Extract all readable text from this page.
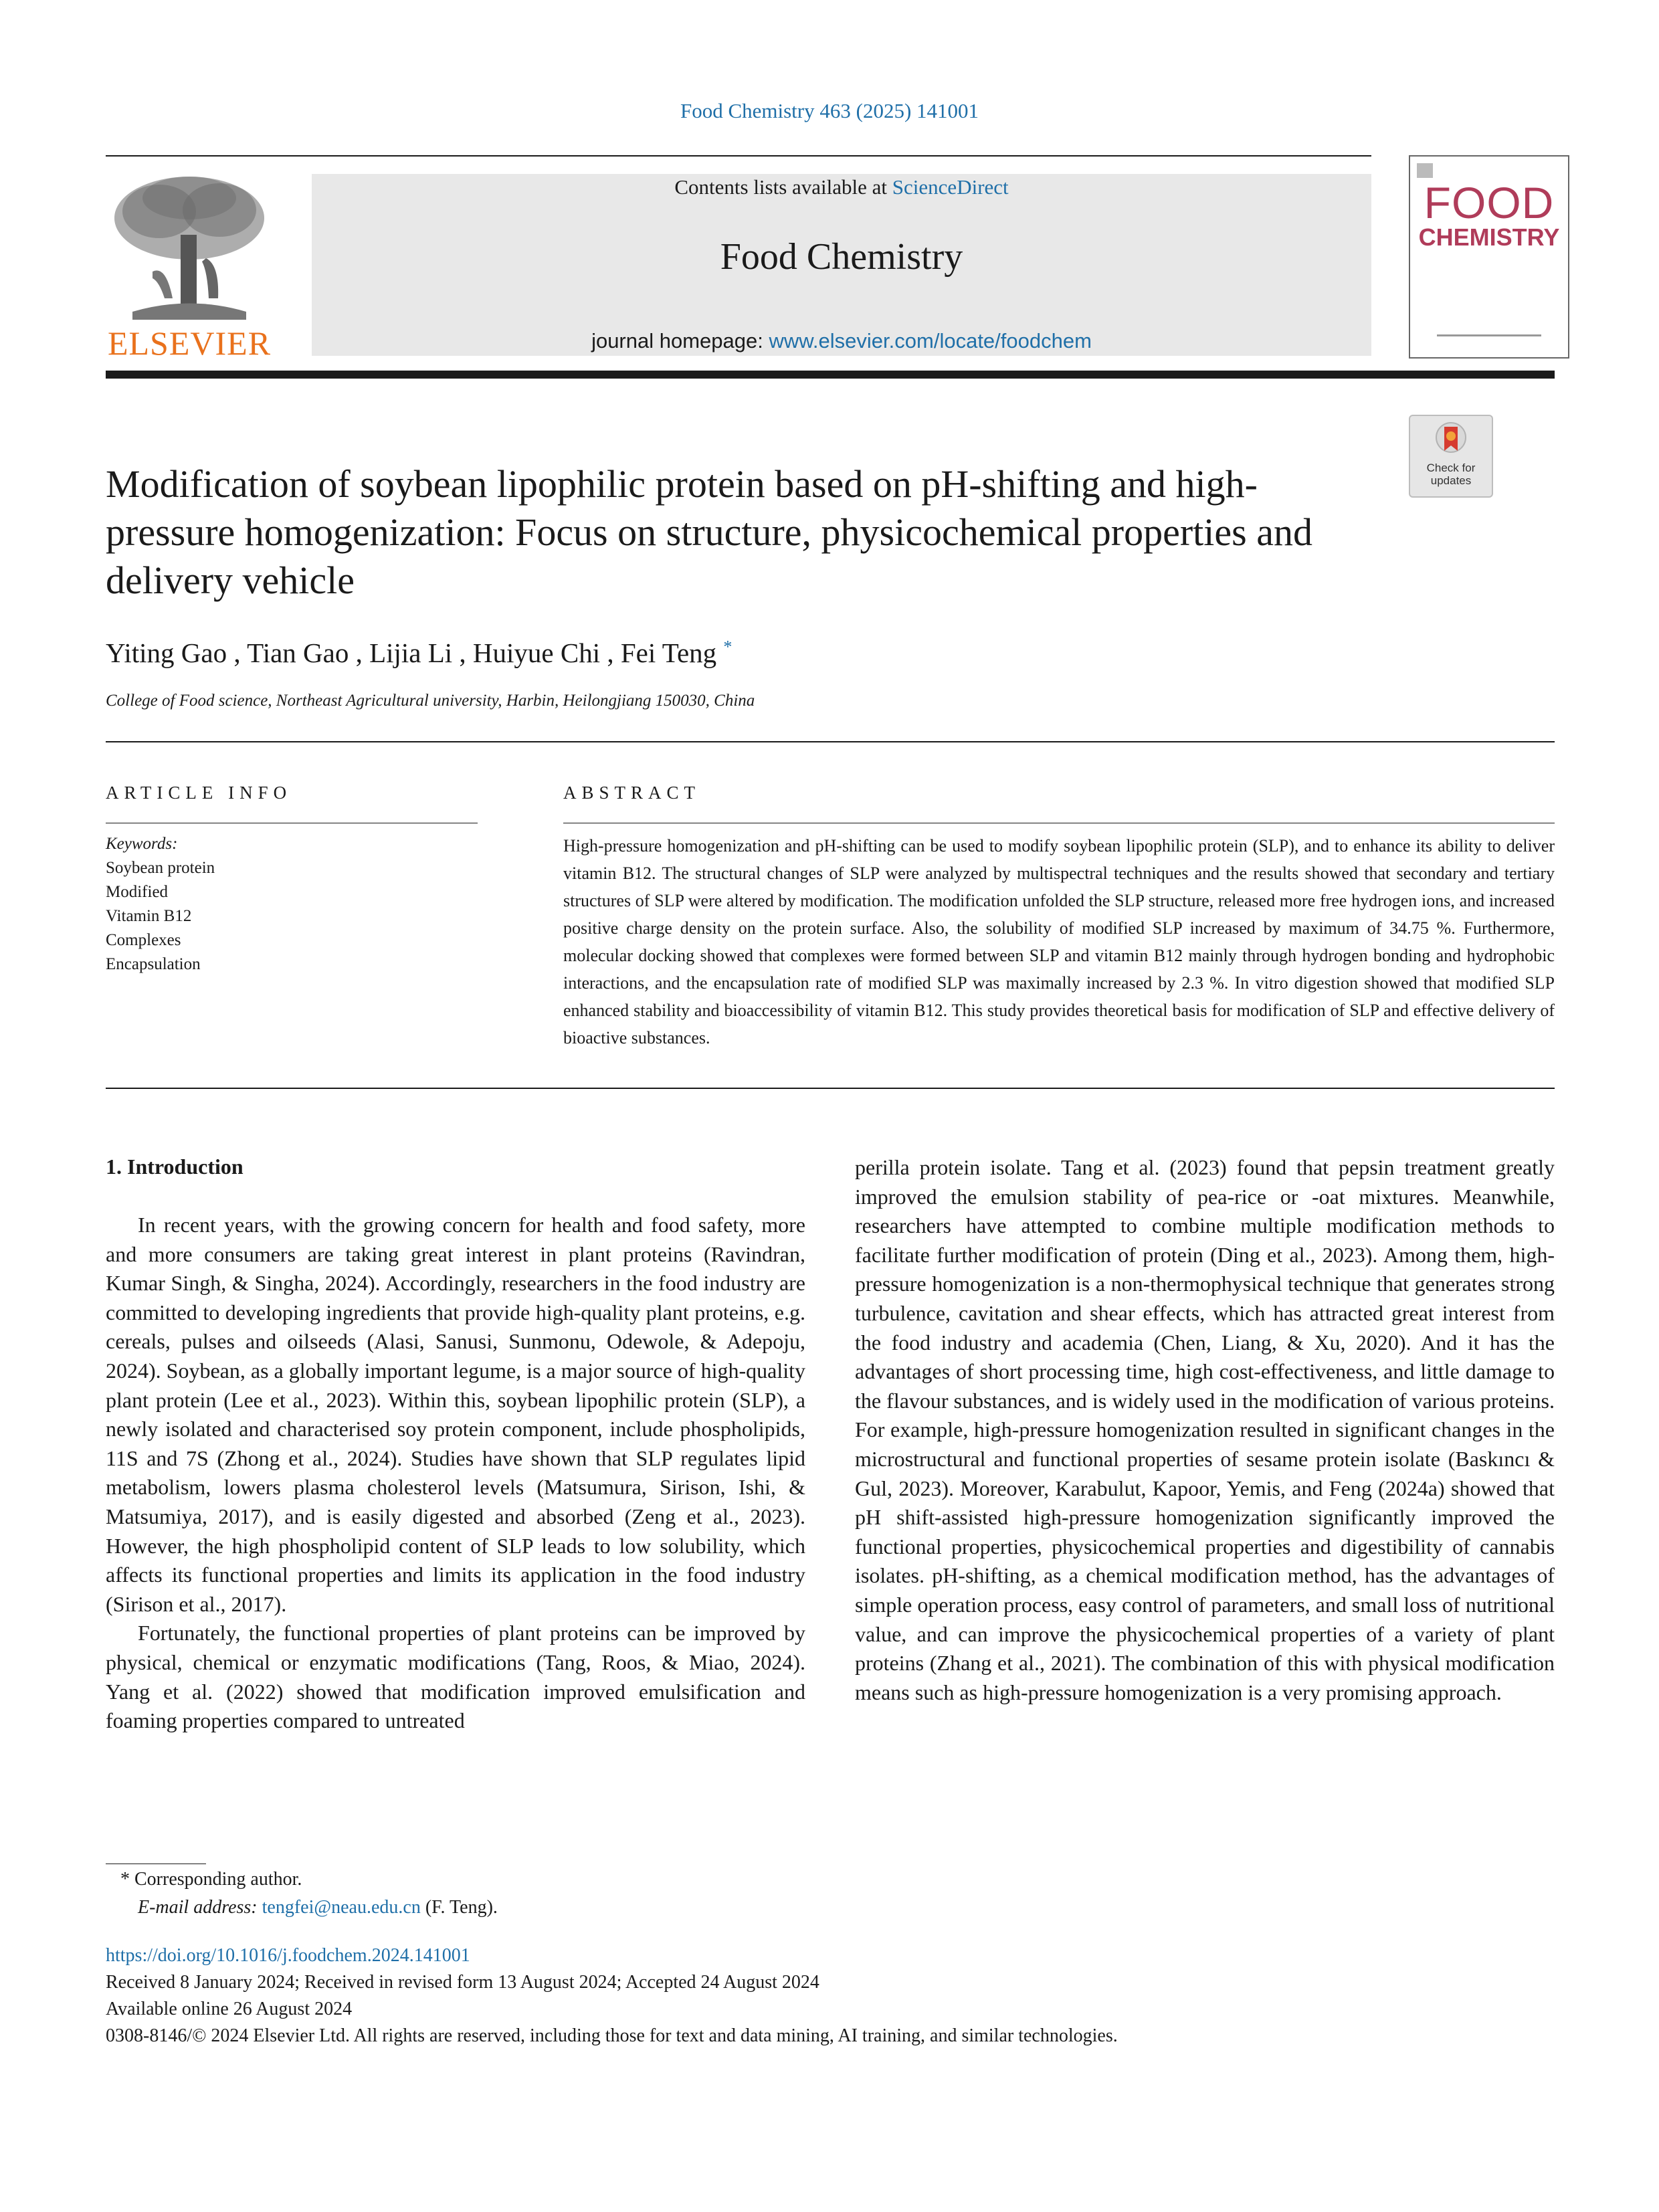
Food Chemistry 463 (2025) 141001
ELSEVIER
Contents lists available at ScienceDirect
Food Chemistry
journal homepage: www.elsevier.com/locate/foodchem
FOOD
CHEMISTRY
Check for updates
Modification of soybean lipophilic protein based on pH-shifting and high-pressure homogenization: Focus on structure, physicochemical properties and delivery vehicle
Yiting Gao , Tian Gao , Lijia Li , Huiyue Chi , Fei Teng *
College of Food science, Northeast Agricultural university, Harbin, Heilongjiang 150030, China
ARTICLE INFO
Keywords:
Soybean protein
Modified
Vitamin B12
Complexes
Encapsulation
ABSTRACT
High-pressure homogenization and pH-shifting can be used to modify soybean lipophilic protein (SLP), and to enhance its ability to deliver vitamin B12. The structural changes of SLP were analyzed by multispectral techniques and the results showed that secondary and tertiary structures of SLP were altered by modification. The modification unfolded the SLP structure, released more free hydrogen ions, and increased positive charge density on the protein surface. Also, the solubility of modified SLP increased by maximum of 34.75 %. Furthermore, molecular docking showed that complexes were formed between SLP and vitamin B12 mainly through hydrogen bonding and hydrophobic interactions, and the encapsulation rate of modified SLP was maximally increased by 2.3 %. In vitro digestion showed that modified SLP enhanced stability and bioaccessibility of vitamin B12. This study provides theoretical basis for modification of SLP and effective delivery of bioactive substances.
1. Introduction

In recent years, with the growing concern for health and food safety, more and more consumers are taking great interest in plant proteins (Ravindran, Kumar Singh, & Singha, 2024). Accordingly, researchers in the food industry are committed to developing ingredients that provide high-quality plant proteins, e.g. cereals, pulses and oilseeds (Alasi, Sanusi, Sunmonu, Odewole, & Adepoju, 2024). Soybean, as a globally important legume, is a major source of high-quality plant protein (Lee et al., 2023). Within this, soybean lipophilic protein (SLP), a newly isolated and characterised soy protein component, include phospholipids, 11S and 7S (Zhong et al., 2024). Studies have shown that SLP regulates lipid metabolism, lowers plasma cholesterol levels (Matsumura, Sirison, Ishi, & Matsumiya, 2017), and is easily digested and absorbed (Zeng et al., 2023). However, the high phospholipid content of SLP leads to low solubility, which affects its functional properties and limits its application in the food industry (Sirison et al., 2017).

Fortunately, the functional properties of plant proteins can be improved by physical, chemical or enzymatic modifications (Tang, Roos, & Miao, 2024). Yang et al. (2022) showed that modification improved emulsification and foaming properties compared to untreated

perilla protein isolate. Tang et al. (2023) found that pepsin treatment greatly improved the emulsion stability of pea-rice or -oat mixtures. Meanwhile, researchers have attempted to combine multiple modification methods to facilitate further modification of protein (Ding et al., 2023). Among them, high-pressure homogenization is a non-thermophysical technique that generates strong turbulence, cavitation and shear effects, which has attracted great interest from the food industry and academia (Chen, Liang, & Xu, 2020). And it has the advantages of short processing time, high cost-effectiveness, and little damage to the flavour substances, and is widely used in the modification of various proteins. For example, high-pressure homogenization resulted in significant changes in the microstructural and functional properties of sesame protein isolate (Baskıncı & Gul, 2023). Moreover, Karabulut, Kapoor, Yemis, and Feng (2024a) showed that pH shift-assisted high-pressure homogenization significantly improved the functional properties, physicochemical properties and digestibility of cannabis isolates. pH-shifting, as a chemical modification method, has the advantages of simple operation process, easy control of parameters, and small loss of nutritional value, and can improve the physicochemical properties of a variety of plant proteins (Zhang et al., 2021). The combination of this with physical modification means such as high-pressure homogenization is a very promising approach.

* Corresponding author.
E-mail address: tengfei@neau.edu.cn (F. Teng).
https://doi.org/10.1016/j.foodchem.2024.141001
Received 8 January 2024; Received in revised form 13 August 2024; Accepted 24 August 2024
Available online 26 August 2024
0308-8146/© 2024 Elsevier Ltd. All rights are reserved, including those for text and data mining, AI training, and similar technologies.
